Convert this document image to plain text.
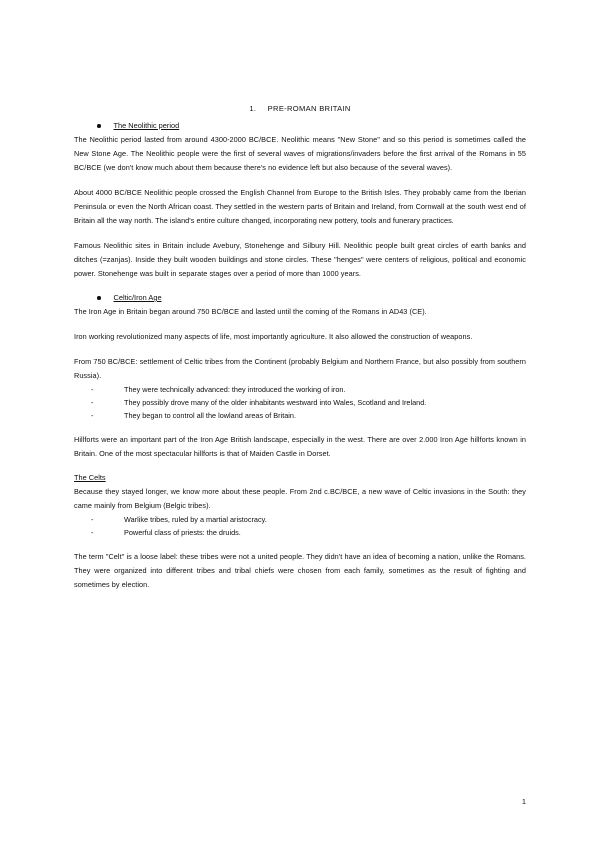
1. PRE-ROMAN BRITAIN
The Neolithic period

The Neolithic period lasted from around 4300-2000 BC/BCE. Neolithic means "New Stone" and so this period is sometimes called the New Stone Age. The Neolithic people were the first of several waves of migrations/invaders before the first arrival of the Romans in 55 BC/BCE (we don't know much about them because there's no evidence left but also because of the several waves).

About 4000 BC/BCE Neolithic people crossed the English Channel from Europe to the British Isles. They probably came from the Iberian Peninsula or even the North African coast. They settled in the western parts of Britain and Ireland, from Cornwall at the south west end of Britain all the way north. The island's entire culture changed, incorporating new pottery, tools and funerary practices.

Famous Neolithic sites in Britain include Avebury, Stonehenge and Silbury Hill. Neolithic people built great circles of earth banks and ditches (=zanjas). Inside they built wooden buildings and stone circles. These "henges" were centers of religious, political and economic power. Stonehenge was built in separate stages over a period of more than 1000 years.

Celtic/Iron Age

The Iron Age in Britain began around 750 BC/BCE and lasted until the coming of the Romans in AD43 (CE).

Iron working revolutionized many aspects of life, most importantly agriculture. It also allowed the construction of weapons.

From 750 BC/BCE: settlement of Celtic tribes from the Continent (probably Belgium and Northern France, but also possibly from southern Russia).

- They were technically advanced: they introduced the working of iron.
- They possibly drove many of the older inhabitants westward into Wales, Scotland and Ireland.
- They began to control all the lowland areas of Britain.

Hillforts were an important part of the Iron Age British landscape, especially in the west. There are over 2.000 Iron Age hillforts known in Britain. One of the most spectacular hillforts is that of Maiden Castle in Dorset.

The Celts

Because they stayed longer, we know more about these people. From 2nd c.BC/BCE, a new wave of Celtic invasions in the South: they came mainly from Belgium (Belgic tribes).

- Warlike tribes, ruled by a martial aristocracy.
- Powerful class of priests: the druids.

The term "Celt" is a loose label: these tribes were not a united people. They didn't have an idea of becoming a nation, unlike the Romans. They were organized into different tribes and tribal chiefs were chosen from each family, sometimes as the result of fighting and sometimes by election.

1
